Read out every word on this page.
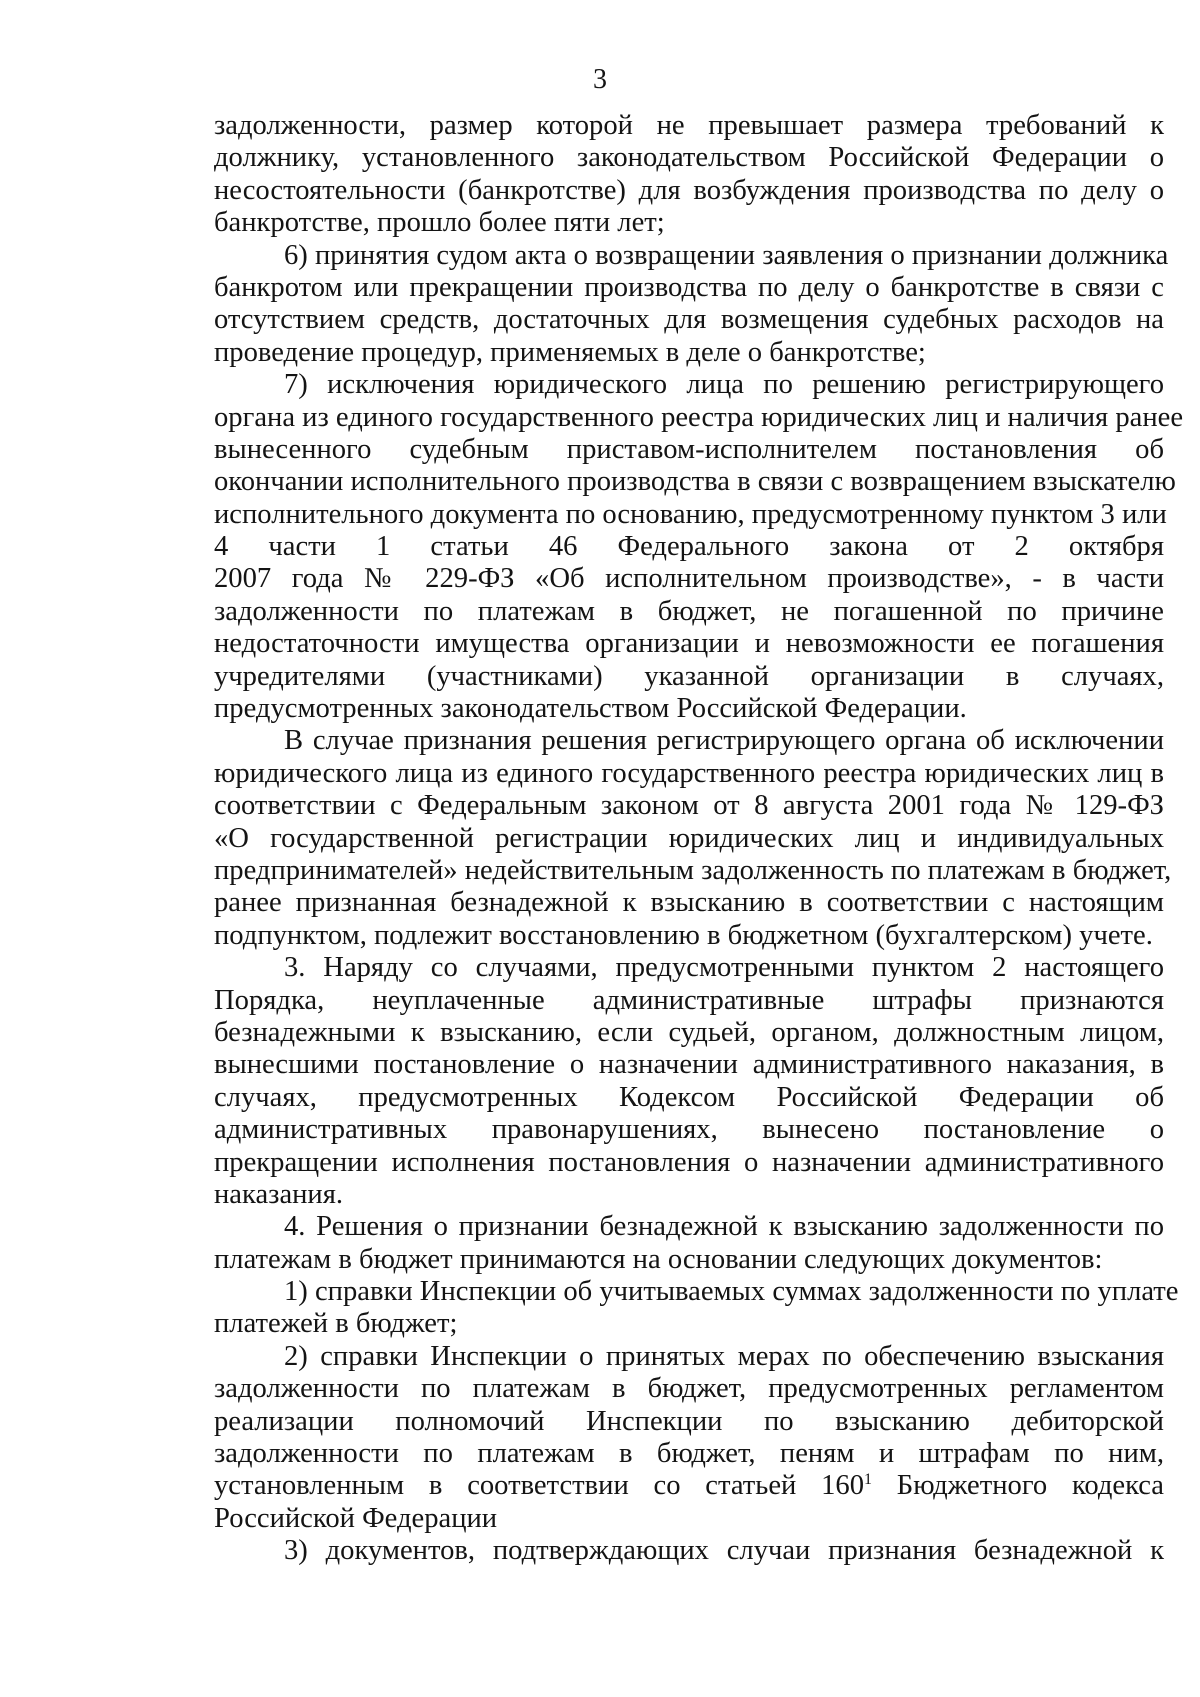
3
задолженности, размер которой не превышает размера требований к
должнику, установленного законодательством Российской Федерации о
несостоятельности (банкротстве) для возбуждения производства по делу о
банкротстве, прошло более пяти лет;
6) принятия судом акта о возвращении заявления о признании должника
банкротом или прекращении производства по делу о банкротстве в связи с
отсутствием средств, достаточных для возмещения судебных расходов на
проведение процедур, применяемых в деле о банкротстве;
7) исключения юридического лица по решению регистрирующего
органа из единого государственного реестра юридических лиц и наличия ранее
вынесенного судебным приставом-исполнителем постановления об
окончании исполнительного производства в связи с возвращением взыскателю
исполнительного документа по основанию, предусмотренному пунктом 3 или
4 части 1 статьи 46 Федерального закона от 2 октября
2007 года № 229-ФЗ «Об исполнительном производстве», - в части
задолженности по платежам в бюджет, не погашенной по причине
недостаточности имущества организации и невозможности ее погашения
учредителями (участниками) указанной организации в случаях,
предусмотренных законодательством Российской Федерации.
В случае признания решения регистрирующего органа об исключении
юридического лица из единого государственного реестра юридических лиц в
соответствии с Федеральным законом от 8 августа 2001 года № 129-ФЗ
«О государственной регистрации юридических лиц и индивидуальных
предпринимателей» недействительным задолженность по платежам в бюджет,
ранее признанная безнадежной к взысканию в соответствии с настоящим
подпунктом, подлежит восстановлению в бюджетном (бухгалтерском) учете.
3. Наряду со случаями, предусмотренными пунктом 2 настоящего
Порядка, неуплаченные административные штрафы признаются
безнадежными к взысканию, если судьей, органом, должностным лицом,
вынесшими постановление о назначении административного наказания, в
случаях, предусмотренных Кодексом Российской Федерации об
административных правонарушениях, вынесено постановление о
прекращении исполнения постановления о назначении административного
наказания.
4. Решения о признании безнадежной к взысканию задолженности по
платежам в бюджет принимаются на основании следующих документов:
1) справки Инспекции об учитываемых суммах задолженности по уплате
платежей в бюджет;
2) справки Инспекции о принятых мерах по обеспечению взыскания
задолженности по платежам в бюджет, предусмотренных регламентом
реализации полномочий Инспекции по взысканию дебиторской
задолженности по платежам в бюджет, пеням и штрафам по ним,
установленным в соответствии со статьей $160^1$ Бюджетного кодекса
Российской Федерации
3) документов, подтверждающих случаи признания безнадежной к
